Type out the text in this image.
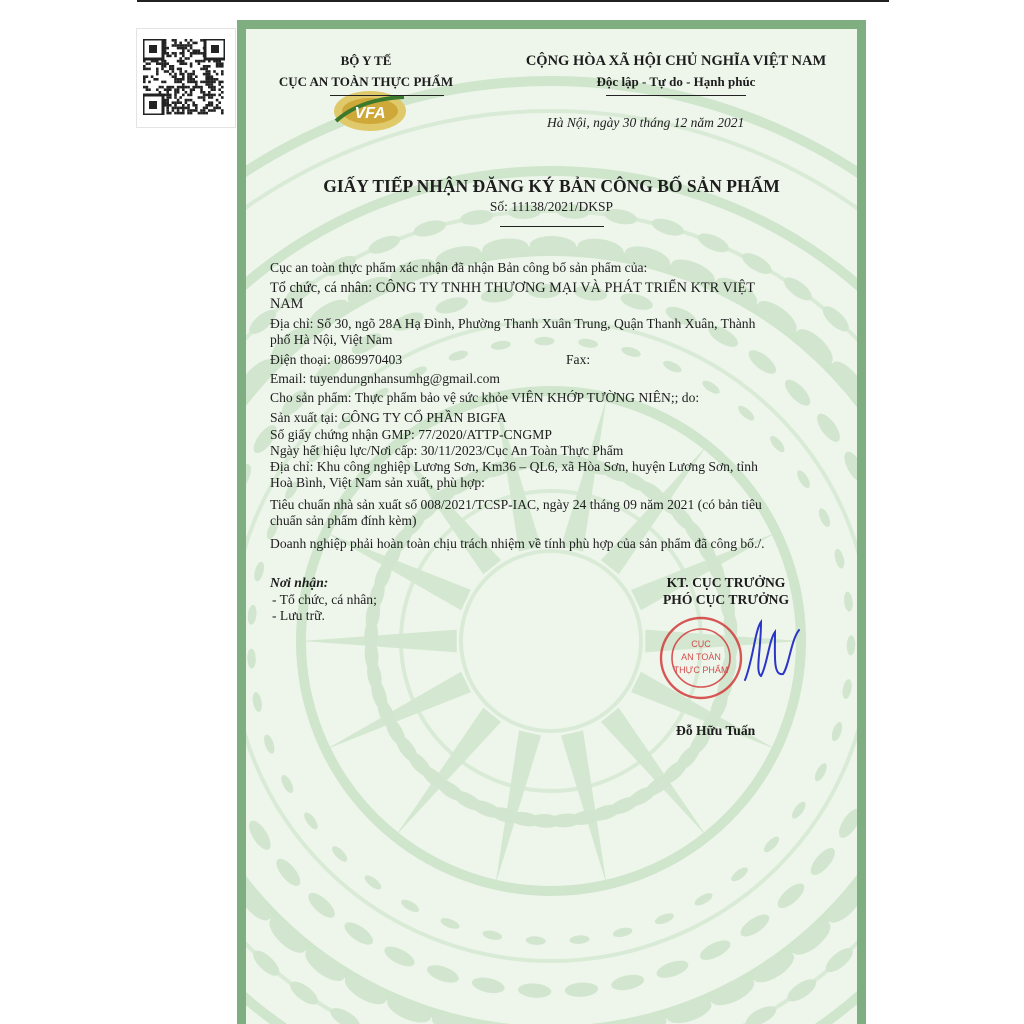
BỘ Y TẾ
CỤC AN TOÀN THỰC PHẨM
VFA
CỘNG HÒA XÃ HỘI CHỦ NGHĨA VIỆT NAM
Độc lập - Tự do - Hạnh phúc
Hà Nội, ngày 30 tháng 12 năm 2021
GIẤY TIẾP NHẬN ĐĂNG KÝ BẢN CÔNG BỐ SẢN PHẨM
Số: 11138/2021/DKSP
Cục an toàn thực phẩm xác nhận đã nhận Bản công bố sản phẩm của:
Tổ chức, cá nhân: CÔNG TY TNHH THƯƠNG MẠI VÀ PHÁT TRIỂN KTR VIỆT
NAM
Địa chỉ: Số 30, ngõ 28A Hạ Đình, Phường Thanh Xuân Trung, Quận Thanh Xuân, Thành
phố Hà Nội, Việt Nam
Điện thoại: 0869970403	Fax:
Email: tuyendungnhansumhg@gmail.com
Cho sản phẩm: Thực phẩm bảo vệ sức khỏe VIÊN KHỚP TƯỜNG NIÊN;; do:
Sản xuất tại: CÔNG TY CỔ PHẦN BIGFA
Số giấy chứng nhận GMP: 77/2020/ATTP-CNGMP
Ngày hết hiệu lực/Nơi cấp: 30/11/2023/Cục An Toàn Thực Phẩm
Địa chỉ: Khu công nghiệp Lương Sơn, Km36 – QL6, xã Hòa Sơn, huyện Lương Sơn, tỉnh
Hoà Bình, Việt Nam sản xuất, phù hợp:
Tiêu chuẩn nhà sản xuất số 008/2021/TCSP-IAC, ngày 24 tháng 09 năm 2021 (có bản tiêu
chuẩn sản phẩm đính kèm)
Doanh nghiệp phải hoàn toàn chịu trách nhiệm về tính phù hợp của sản phẩm đã công bố./.
Nơi nhận:
- Tổ chức, cá nhân;
- Lưu trữ.
KT. CỤC TRƯỞNG
PHÓ CỤC TRƯỞNG
Đỗ Hữu Tuấn
CỤC
AN TOÀN
THỰC PHẨM
